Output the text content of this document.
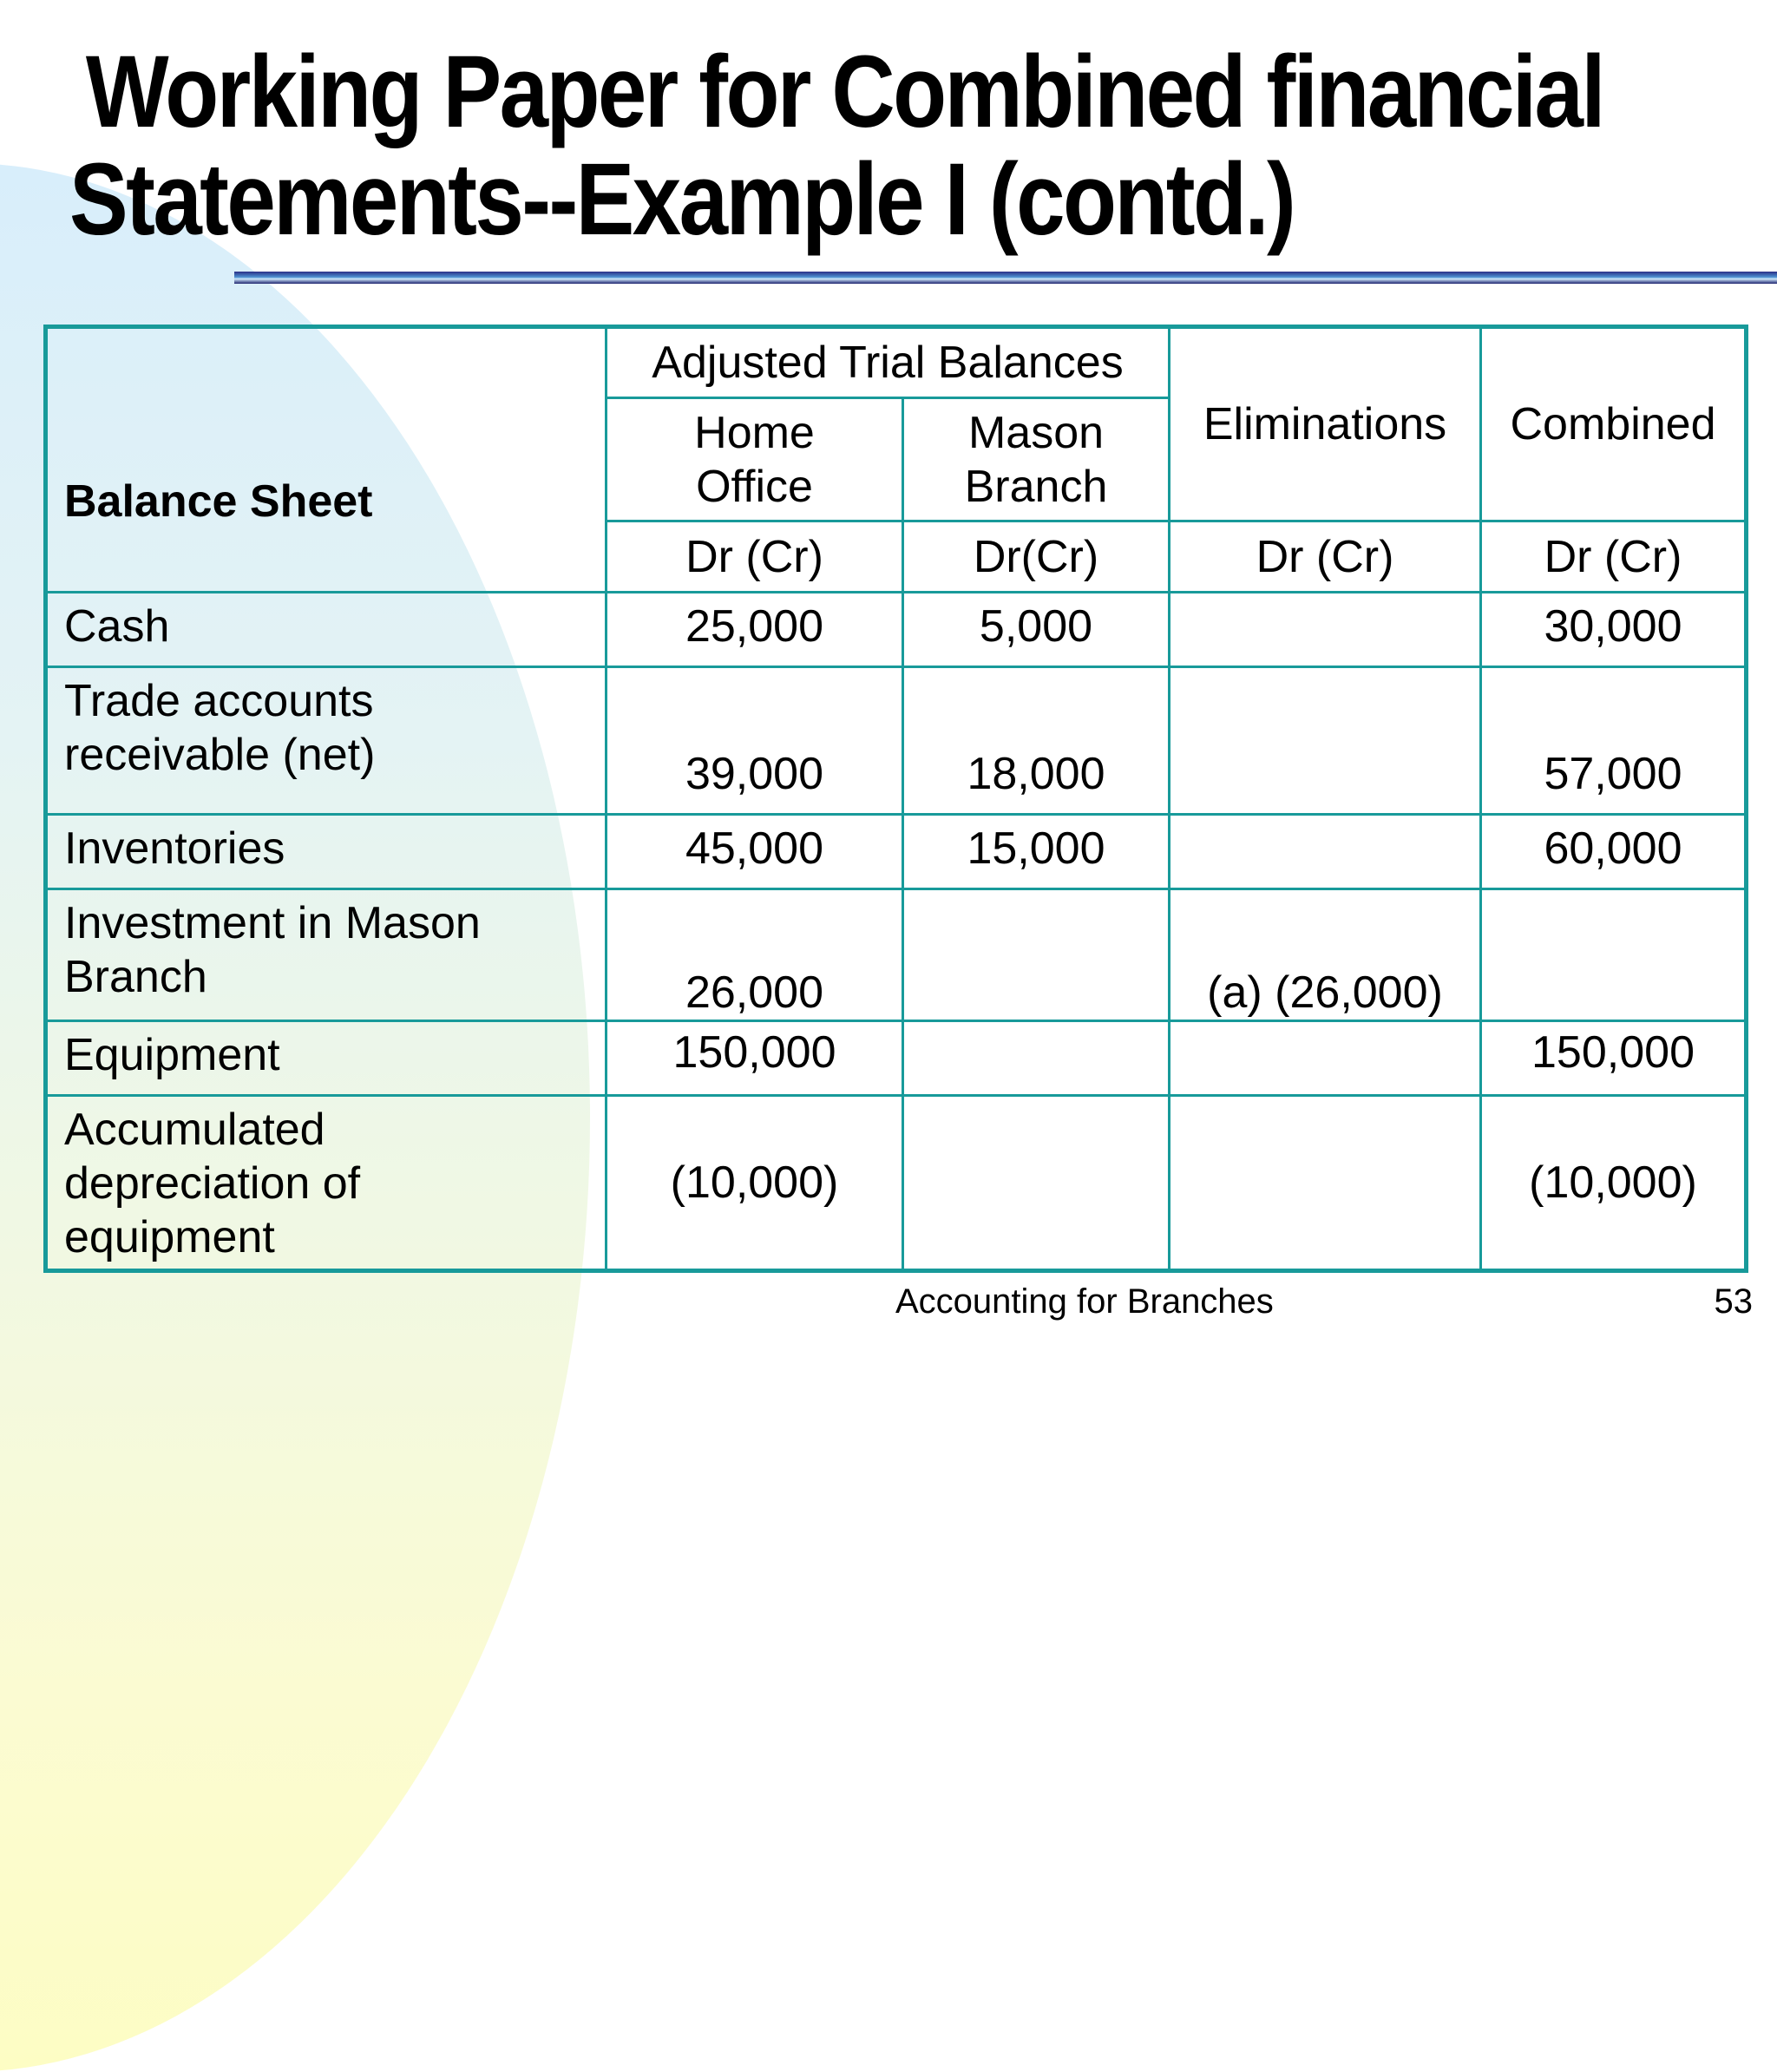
Working Paper for Combined financial
Statements--Example I (contd.)
Balance Sheet	Adjusted Trial Balances		Eliminations	Combined
	Home Office	Mason Branch		
	Dr (Cr)	Dr(Cr)	Dr (Cr)	Dr (Cr)
Cash	25,000	5,000		30,000
Trade accounts receivable (net)	39,000	18,000		57,000
Inventories	45,000	15,000		60,000
Investment in Mason Branch	26,000		(a) (26,000)	
Equipment	150,000			150,000
Accumulated depreciation of equipment	(10,000)			(10,000)
Accounting for Branches	53
